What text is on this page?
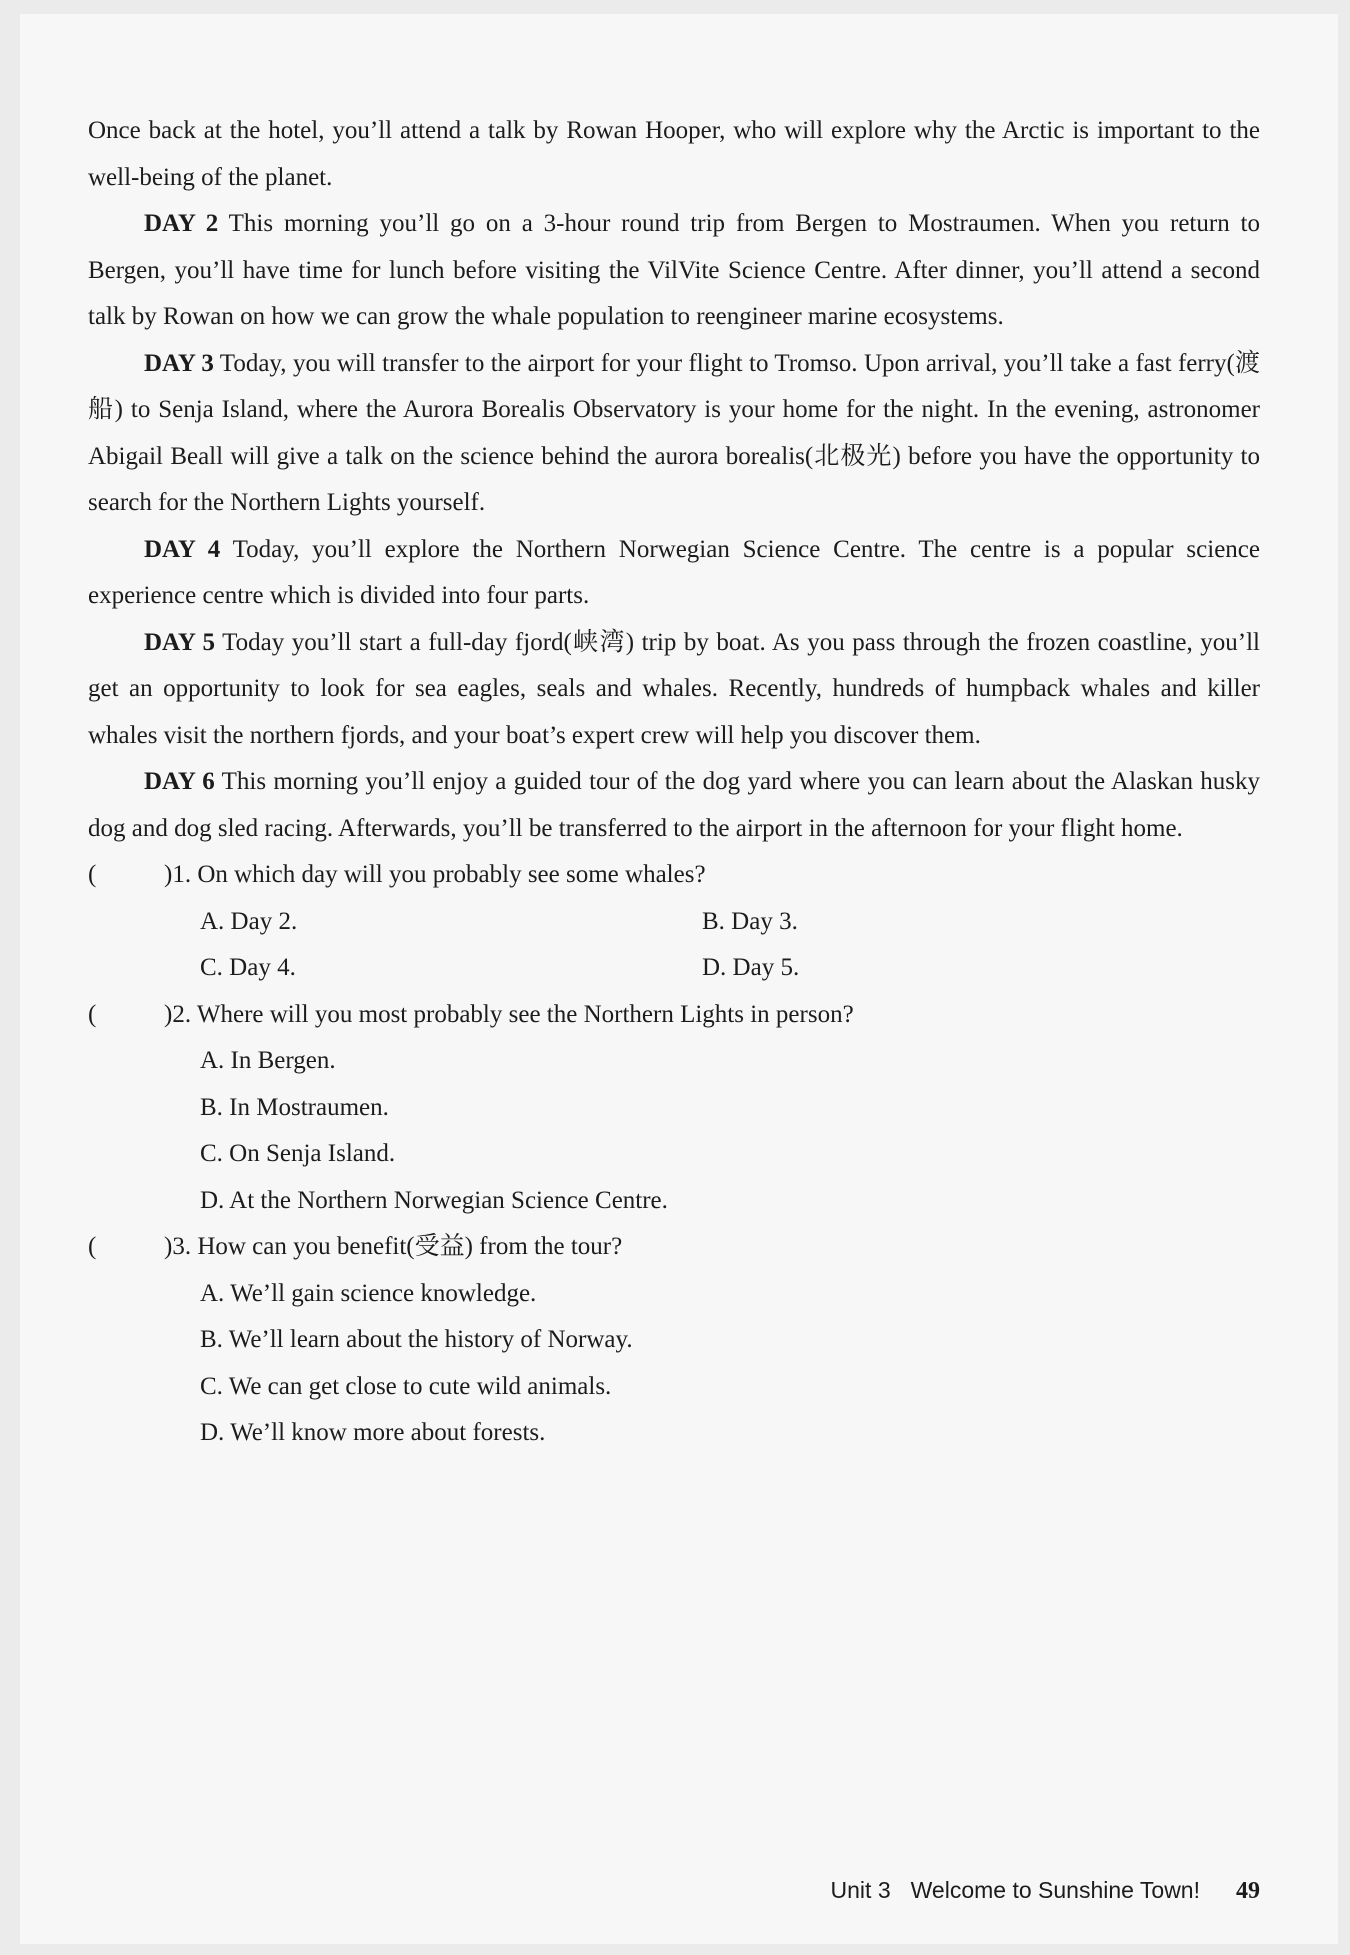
Once back at the hotel, you’ll attend a talk by Rowan Hooper, who will explore why the Arctic is important to the well-being of the planet.

DAY 2 This morning you’ll go on a 3-hour round trip from Bergen to Mostraumen. When you return to Bergen, you’ll have time for lunch before visiting the VilVite Science Centre. After dinner, you’ll attend a second talk by Rowan on how we can grow the whale population to reengineer marine ecosystems.

DAY 3 Today, you will transfer to the airport for your flight to Tromso. Upon arrival, you’ll take a fast ferry(渡船) to Senja Island, where the Aurora Borealis Observatory is your home for the night. In the evening, astronomer Abigail Beall will give a talk on the science behind the aurora borealis(北极光) before you have the opportunity to search for the Northern Lights yourself.

DAY 4 Today, you’ll explore the Northern Norwegian Science Centre. The centre is a popular science experience centre which is divided into four parts.

DAY 5 Today you’ll start a full-day fjord(峡湾) trip by boat. As you pass through the frozen coastline, you’ll get an opportunity to look for sea eagles, seals and whales. Recently, hundreds of humpback whales and killer whales visit the northern fjords, and your boat’s expert crew will help you discover them.

DAY 6 This morning you’ll enjoy a guided tour of the dog yard where you can learn about the Alaskan husky dog and dog sled racing. Afterwards, you’ll be transferred to the airport in the afternoon for your flight home.

(	)1. On which day will you probably see some whales?
A. Day 2.	B. Day 3.
C. Day 4.	D. Day 5.
(	)2. Where will you most probably see the Northern Lights in person?
A. In Bergen.
B. In Mostraumen.
C. On Senja Island.
D. At the Northern Norwegian Science Centre.
(	)3. How can you benefit(受益) from the tour?
A. We’ll gain science knowledge.
B. We’ll learn about the history of Norway.
C. We can get close to cute wild animals.
D. We’ll know more about forests.
Unit 3 Welcome to Sunshine Town! 49
